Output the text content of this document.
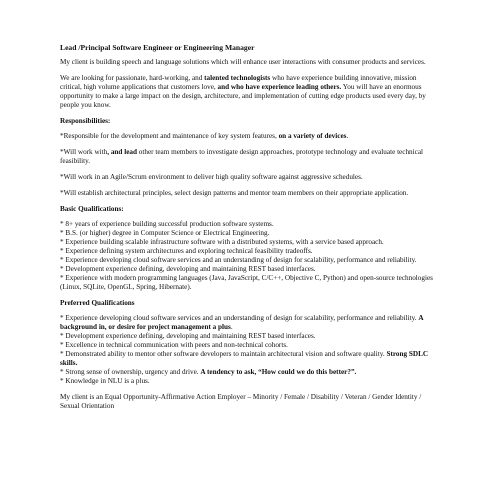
Lead /Principal Software Engineer or Engineering Manager

My client is building speech and language solutions which will enhance user interactions with consumer products and services.

We are looking for passionate, hard-working, and talented technologists who have experience building innovative, mission critical, high volume applications that customers love, and who have experience leading others. You will have an enormous opportunity to make a large impact on the design, architecture, and implementation of cutting edge products used every day, by people you know.

Responsibilities:

*Responsible for the development and maintenance of key system features, on a variety of devices.

*Will work with, and lead other team members to investigate design approaches, prototype technology and evaluate technical feasibility.

*Will work in an Agile/Scrum environment to deliver high quality software against aggressive schedules.

*Will establish architectural principles, select design patterns and mentor team members on their appropriate application.

Basic Qualifications:
* 8+ years of experience building successful production software systems.
* B.S. (or higher) degree in Computer Science or Electrical Engineering.
* Experience building scalable infrastructure software with a distributed systems, with a service based approach.
* Experience defining system architectures and exploring technical feasibility tradeoffs.
* Experience developing cloud software services and an understanding of design for scalability, performance and reliability.
* Development experience defining, developing and maintaining REST based interfaces.
* Experience with modern programming languages (Java, JavaScript, C/C++, Objective C, Python) and open-source technologies (Linux, SQLite, OpenGL, Spring, Hibernate).
Preferred Qualifications
* Experience developing cloud software services and an understanding of design for scalability, performance and reliability. A background in, or desire for project management a plus.
* Development experience defining, developing and maintaining REST based interfaces.
* Excellence in technical communication with peers and non-technical cohorts.
* Demonstrated ability to mentor other software developers to maintain architectural vision and software quality. Strong SDLC skills.
* Strong sense of ownership, urgency and drive. A tendency to ask, “How could we do this better?”.
* Knowledge in NLU is a plus.

My client is an Equal Opportunity-Affirmative Action Employer – Minority / Female / Disability / Veteran / Gender Identity / Sexual Orientation
